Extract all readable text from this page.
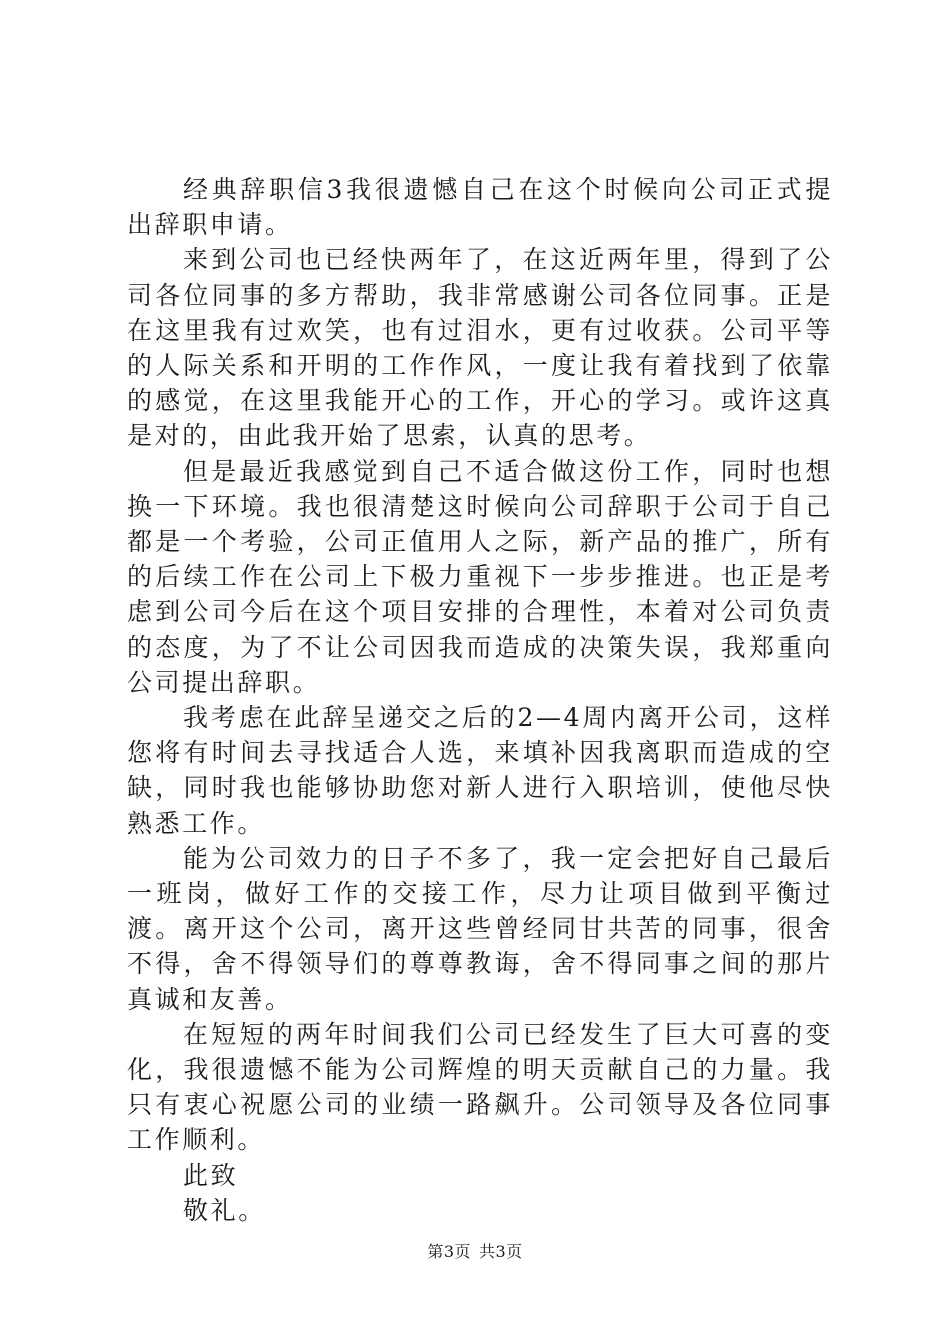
经典辞职信3我很遗憾自己在这个时候向公司正式提出辞职申请。

来到公司也已经快两年了，在这近两年里，得到了公司各位同事的多方帮助，我非常感谢公司各位同事。正是在这里我有过欢笑，也有过泪水，更有过收获。公司平等的人际关系和开明的工作作风，一度让我有着找到了依靠的感觉，在这里我能开心的工作，开心的学习。或许这真是对的，由此我开始了思索，认真的思考。

但是最近我感觉到自己不适合做这份工作，同时也想换一下环境。我也很清楚这时候向公司辞职于公司于自己都是一个考验，公司正值用人之际，新产品的推广，所有的后续工作在公司上下极力重视下一步步推进。也正是考虑到公司今后在这个项目安排的合理性，本着对公司负责的态度，为了不让公司因我而造成的决策失误，我郑重向公司提出辞职。

我考虑在此辞呈递交之后的2—4周内离开公司，这样您将有时间去寻找适合人选，来填补因我离职而造成的空缺，同时我也能够协助您对新人进行入职培训，使他尽快熟悉工作。

能为公司效力的日子不多了，我一定会把好自己最后一班岗，做好工作的交接工作，尽力让项目做到平衡过渡。离开这个公司，离开这些曾经同甘共苦的同事，很舍不得，舍不得领导们的尊尊教诲，舍不得同事之间的那片真诚和友善。

在短短的两年时间我们公司已经发生了巨大可喜的变化，我很遗憾不能为公司辉煌的明天贡献自己的力量。我只有衷心祝愿公司的业绩一路飙升。公司领导及各位同事工作顺利。

此致

敬礼。

第3页 共3页
